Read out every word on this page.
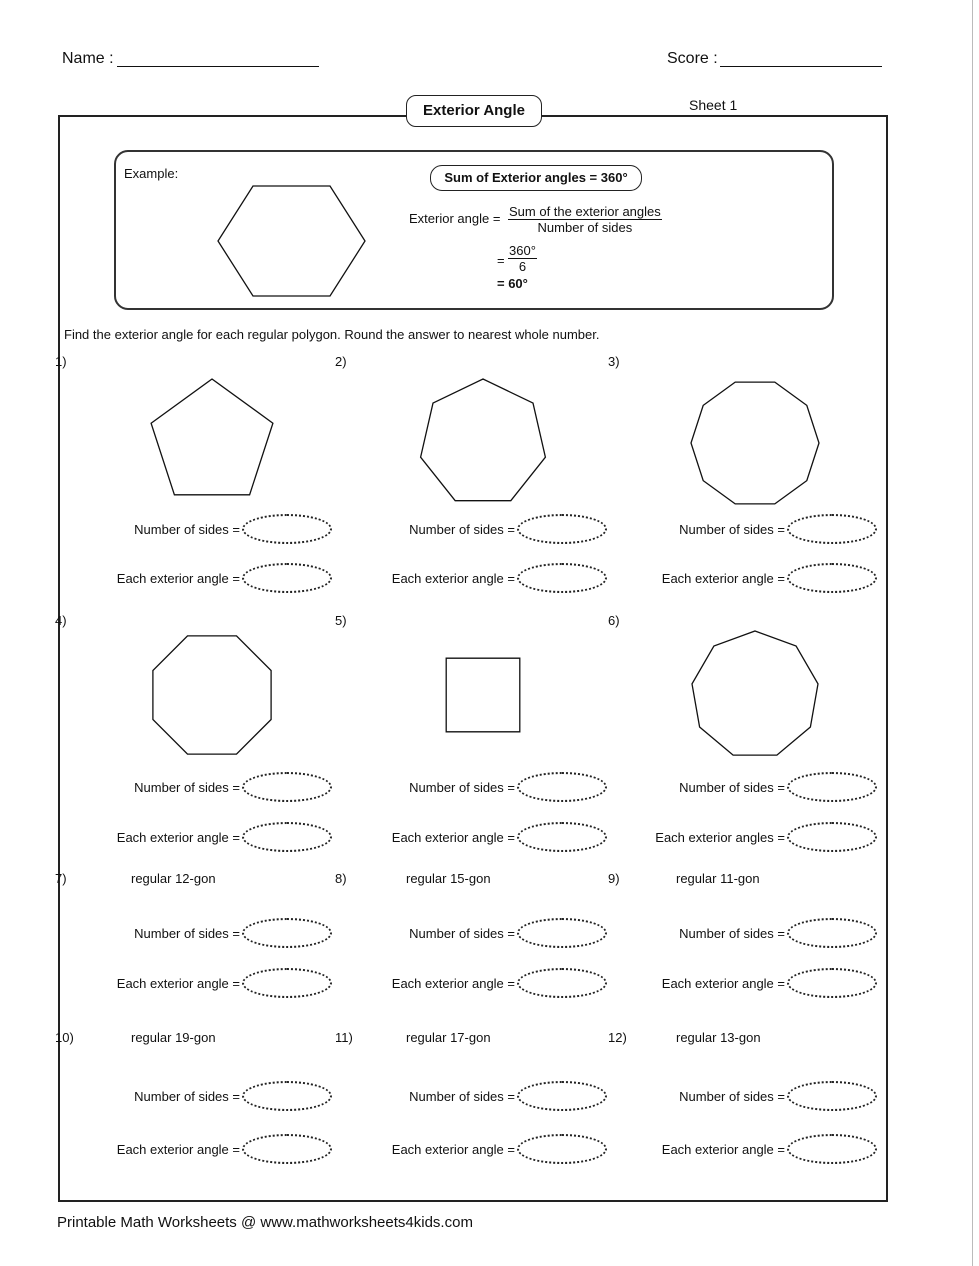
Name :	Score :
Exterior Angle	Sheet 1
Example:	Sum of Exterior angles = 360°
Exterior angle = Sum of the exterior angles
Number of sides
= $\frac{360^\circ}{6}$
= 60°
Find the exterior angle for each regular polygon. Round the answer to nearest whole number.
1)
Number of sides =
Each exterior angle =
2)
Number of sides =
Each exterior angle =
3)
Number of sides =
Each exterior angle =
4)
Number of sides =
Each exterior angle =
5)
Number of sides =
Each exterior angle =
6)
Number of sides =
Each exterior angles =
7)	regular 12-gon
Number of sides =
Each exterior angle =
8)	regular 15-gon
Number of sides =
Each exterior angle =
9)	regular 11-gon
Number of sides =
Each exterior angle =
10)	regular 19-gon
Number of sides =
Each exterior angle =
11)	regular 17-gon
Number of sides =
Each exterior angle =
12)	regular 13-gon
Number of sides =
Each exterior angle =
Printable Math Worksheets @ www.mathworksheets4kids.com
